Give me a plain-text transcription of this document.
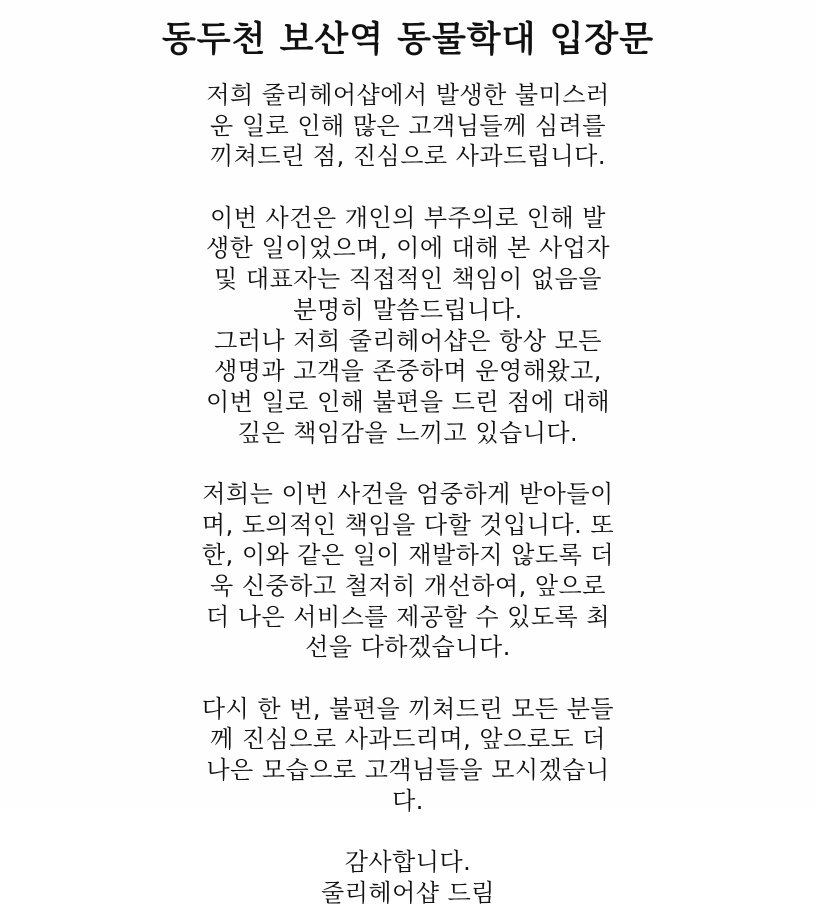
동두천 보산역 동물학대 입장문
저희 줄리헤어샵에서 발생한 불미스러
운 일로 인해 많은 고객님들께 심려를
끼쳐드린 점, 진심으로 사과드립니다.
이번 사건은 개인의 부주의로 인해 발
생한 일이었으며, 이에 대해 본 사업자
및 대표자는 직접적인 책임이 없음을
분명히 말씀드립니다.
그러나 저희 줄리헤어샵은 항상 모든
생명과 고객을 존중하며 운영해왔고,
이번 일로 인해 불편을 드린 점에 대해
깊은 책임감을 느끼고 있습니다.
저희는 이번 사건을 엄중하게 받아들이
며, 도의적인 책임을 다할 것입니다. 또
한, 이와 같은 일이 재발하지 않도록 더
욱 신중하고 철저히 개선하여, 앞으로
더 나은 서비스를 제공할 수 있도록 최
선을 다하겠습니다.
다시 한 번, 불편을 끼쳐드린 모든 분들
께 진심으로 사과드리며, 앞으로도 더
나은 모습으로 고객님들을 모시겠습니
다.
감사합니다.
줄리헤어샵 드림
